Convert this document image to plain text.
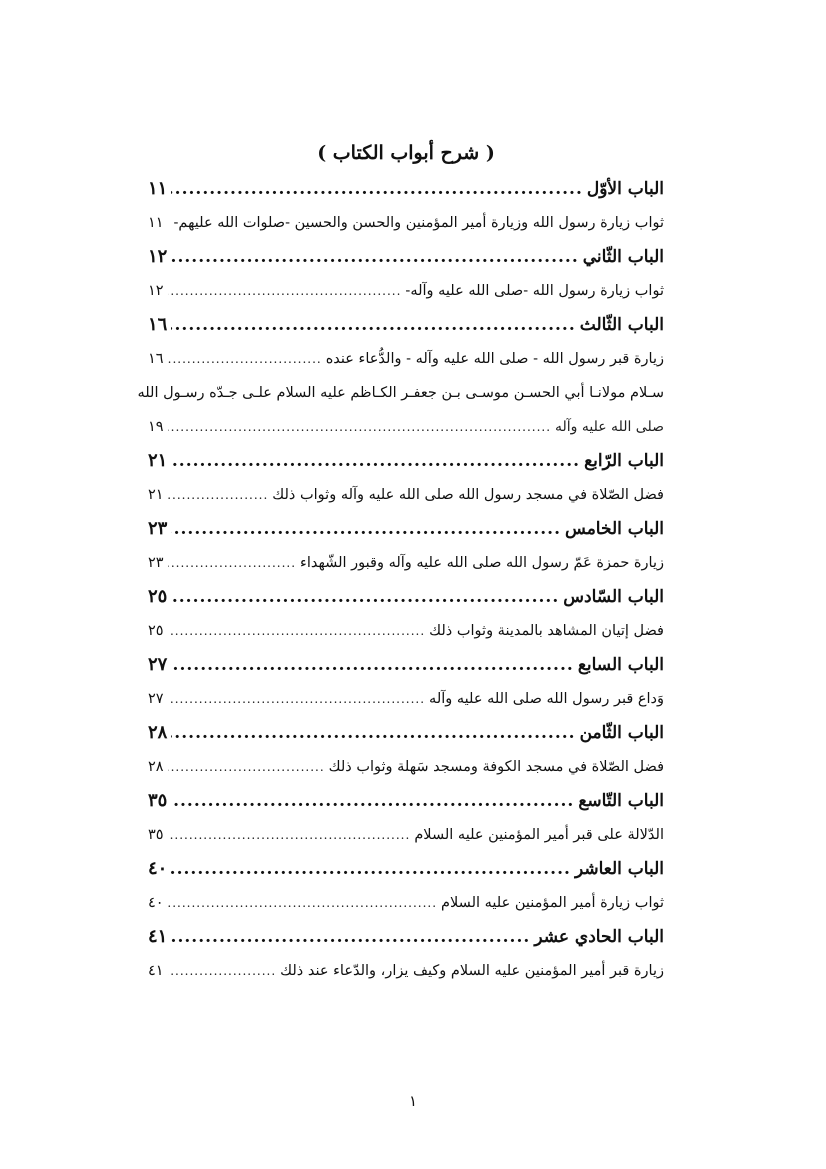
( شرح أبواب الكتاب )
الباب الأوّل
.....
١١
ثواب زيارة رسول الله وزيارة أمير المؤمنين والحسن والحسين -صلوات الله عليهم-
.....
١١
الباب الثّاني
.....
١٢
ثواب زيارة رسول الله -صلى الله عليه وآله-
.....
١٢
الباب الثّالث
.....
١٦
زيارة قبر رسول الله - صلى الله عليه وآله - والدُّعاء عنده
.....
١٦
سـلام مولانـا أبي الحسـن موسـى بـن جعفـر الكـاظم عليه السلام علـى جـدّه رسـول الله
صلى الله عليه وآله
.....
١٩
الباب الرّابع
.....
٢١
فضل الصّلاة في مسجد رسول الله صلى الله عليه وآله وثواب ذلك
.....
٢١
الباب الخامس
.....
٢٣
زيارة حمزة عَمّ رسول الله صلى الله عليه وآله وقبور الشّهداء
.....
٢٣
الباب السّادس
.....
٢٥
فضل إتيان المشاهد بالمدينة وثواب ذلك
.....
٢٥
الباب السابع
.....
٢٧
وَداع قبر رسول الله صلى الله عليه وآله
.....
٢٧
الباب الثّامن
.....
٢٨
فضل الصّلاة في مسجد الكوفة ومسجد سَهلة وثواب ذلك
.....
٢٨
الباب التّاسع
.....
٣٥
الدّلالة على قبر أمير المؤمنين عليه السلام
.....
٣٥
الباب العاشر
.....
٤٠
ثواب زيارة أمير المؤمنين عليه السلام
.....
٤٠
الباب الحادي عشر
.....
٤١
زيارة قبر أمير المؤمنين عليه السلام وكيف يزار، والدّعاء عند ذلك
.....
٤١
١
